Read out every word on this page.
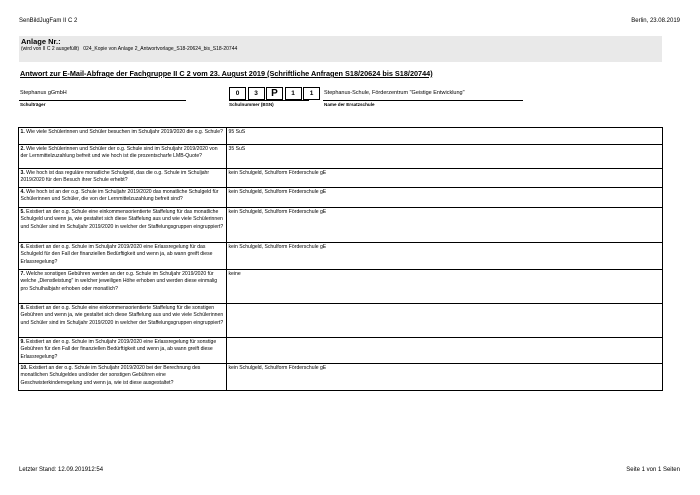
SenBildJugFam II C 2	Berlin, 23.08.2019
Anlage Nr.:
(wird von II C 2 ausgefüllt) 024_Kopie von Anlage 2_Antwortvorlage_S18-20624_bis_S18-20744
Antwort zur E-Mail-Abfrage der Fachgruppe II C 2 vom 23. August 2019 (Schriftliche Anfragen S18/20624 bis S18/20744)
Stephanus gGmbH
Schulträger
0	3	P	1	1
Schulnummer (BSN)
Stephanus-Schule, Förderzentrum "Geistige Entwicklung"
Name der Ersatzschule
1. Wie viele Schülerinnen und Schüler besuchen im Schuljahr 2019/2020 die o.g. Schule?	95 SuS
2. Wie viele Schülerinnen und Schüler der o.g. Schule sind im Schuljahr 2019/2020 von der Lernmittelzuzahlung befreit und wie hoch ist die prozentscharfe LMB-Quote?	35 SuS
3. Wie hoch ist das reguläre monatliche Schulgeld, das die o.g. Schule im Schuljahr 2019/2020 für den Besuch ihrer Schule erhebt?	kein Schulgeld, Schulform Förderschule gE
4. Wie hoch ist an der o.g. Schule im Schuljahr 2019/2020 das monatliche Schulgeld für Schülerinnen und Schüler, die von der Lernmittelzuzahlung befreit sind?	kein Schulgeld, Schulform Förderschule gE
5. Existiert an der o.g. Schule eine einkommensorientierte Staffelung für das monatliche Schulgeld und wenn ja, wie gestaltet sich diese Staffelung aus und wie viele Schülerinnen und Schüler sind im Schuljahr 2019/2020 in welcher der Staffelungsgruppen eingruppiert?	kein Schulgeld, Schulform Förderschule gE
6. Existiert an der o.g. Schule im Schuljahr 2019/2020 eine Erlassregelung für das Schulgeld für den Fall der finanziellen Bedürftigkeit und wenn ja, ab wann greift diese Erlassregelung?	kein Schulgeld, Schulform Förderschule gE
7. Welche sonstigen Gebühren werden an der o.g. Schule im Schuljahr 2019/2020 für welche „Dienstleistung" in welcher jeweiligen Höhe erhoben und werden diese einmalig pro Schulhalbjahr erhoben oder monatlich?	keine
8. Existiert an der o.g. Schule eine einkommensorientierte Staffelung für die sonstigen Gebühren und wenn ja, wie gestaltet sich diese Staffelung aus und wie viele Schülerinnen und Schüler sind im Schuljahr 2019/2020 in welcher der Staffelungsgruppen eingruppiert?	
9. Existiert an der o.g. Schule im Schuljahr 2019/2020 eine Erlassregelung für sonstige Gebühren für den Fall der finanziellen Bedürftigkeit und wenn ja, ab wann greift diese Erlassregelung?	
10. Existiert an der o.g. Schule im Schuljahr 2019/2020 bei der Berechnung des monatlichen Schulgeldes und/oder der sonstigen Gebühren eine Geschwisterkinderregelung und wenn ja, wie ist diese ausgestaltet?	kein Schulgeld, Schulform Förderschule gE
Letzter Stand: 12.09.201912:54	Seite 1 von 1 Seiten
